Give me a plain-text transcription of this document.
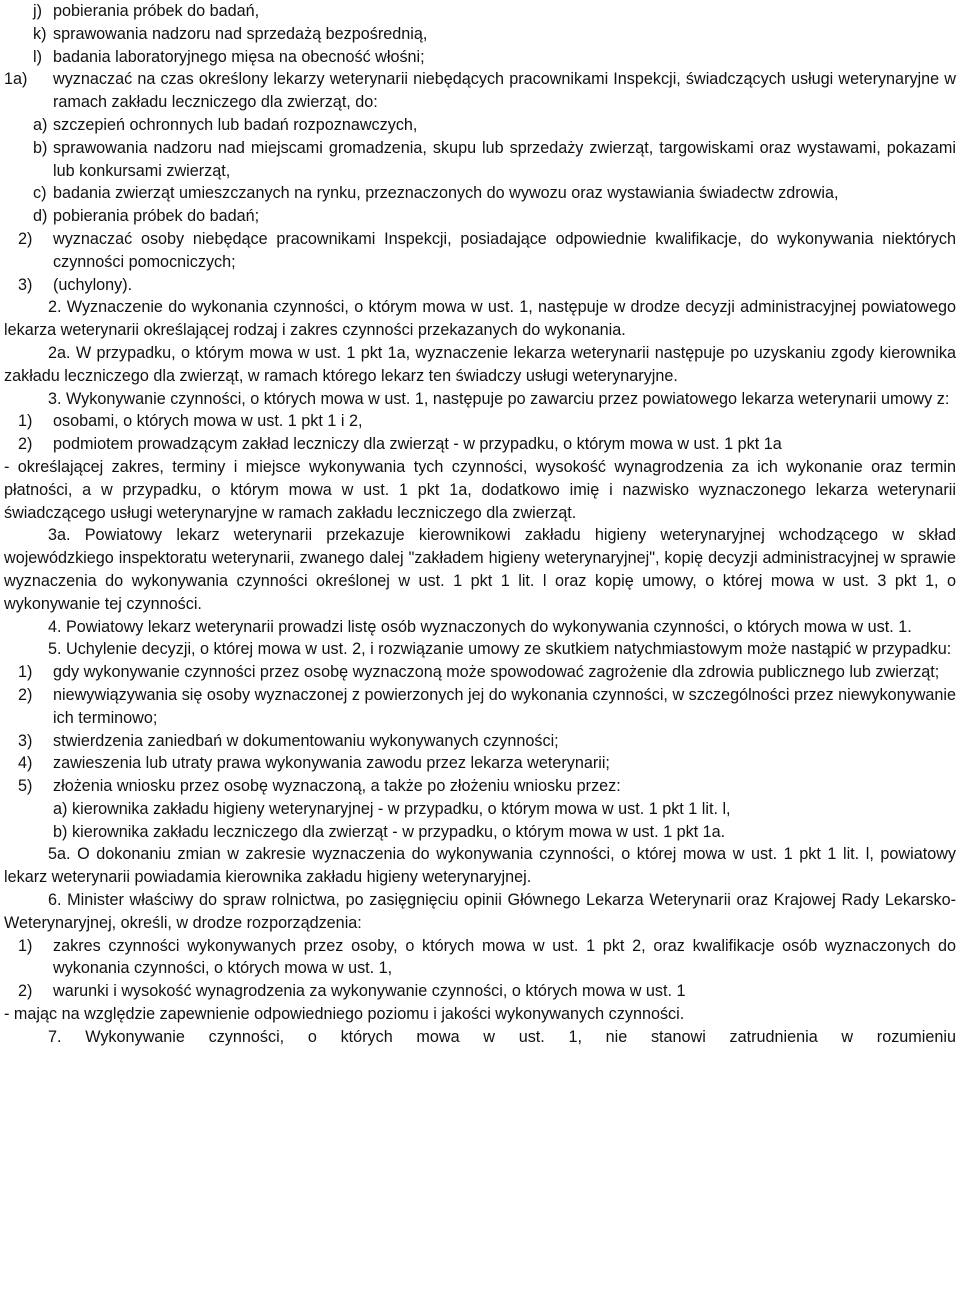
j) pobierania próbek do badań,
k) sprawowania nadzoru nad sprzedażą bezpośrednią,
l) badania laboratoryjnego mięsa na obecność włośni;
1a) wyznaczać na czas określony lekarzy weterynarii niebędących pracownikami Inspekcji, świadczących usługi weterynaryjne w ramach zakładu leczniczego dla zwierząt, do:
a) szczepień ochronnych lub badań rozpoznawczych,
b) sprawowania nadzoru nad miejscami gromadzenia, skupu lub sprzedaży zwierząt, targowiskami oraz wystawami, pokazami lub konkursami zwierząt,
c) badania zwierząt umieszczanych na rynku, przeznaczonych do wywozu oraz wystawiania świadectw zdrowia,
d) pobierania próbek do badań;
2) wyznaczać osoby niebędące pracownikami Inspekcji, posiadające odpowiednie kwalifikacje, do wykonywania niektórych czynności pomocniczych;
3) (uchylony).
2. Wyznaczenie do wykonania czynności, o którym mowa w ust. 1, następuje w drodze decyzji administracyjnej powiatowego lekarza weterynarii określającej rodzaj i zakres czynności przekazanych do wykonania.
2a. W przypadku, o którym mowa w ust. 1 pkt 1a, wyznaczenie lekarza weterynarii następuje po uzyskaniu zgody kierownika zakładu leczniczego dla zwierząt, w ramach którego lekarz ten świadczy usługi weterynaryjne.
3. Wykonywanie czynności, o których mowa w ust. 1, następuje po zawarciu przez powiatowego lekarza weterynarii umowy z:
1) osobami, o których mowa w ust. 1 pkt 1 i 2,
2) podmiotem prowadzącym zakład leczniczy dla zwierząt - w przypadku, o którym mowa w ust. 1 pkt 1a
- określającej zakres, terminy i miejsce wykonywania tych czynności, wysokość wynagrodzenia za ich wykonanie oraz termin płatności, a w przypadku, o którym mowa w ust. 1 pkt 1a, dodatkowo imię i nazwisko wyznaczonego lekarza weterynarii świadczącego usługi weterynaryjne w ramach zakładu leczniczego dla zwierząt.
3a. Powiatowy lekarz weterynarii przekazuje kierownikowi zakładu higieny weterynaryjnej wchodzącego w skład wojewódzkiego inspektoratu weterynarii, zwanego dalej "zakładem higieny weterynaryjnej", kopię decyzji administracyjnej w sprawie wyznaczenia do wykonywania czynności określonej w ust. 1 pkt 1 lit. l oraz kopię umowy, o której mowa w ust. 3 pkt 1, o wykonywanie tej czynności.
4. Powiatowy lekarz weterynarii prowadzi listę osób wyznaczonych do wykonywania czynności, o których mowa w ust. 1.
5. Uchylenie decyzji, o której mowa w ust. 2, i rozwiązanie umowy ze skutkiem natychmiastowym może nastąpić w przypadku:
1) gdy wykonywanie czynności przez osobę wyznaczoną może spowodować zagrożenie dla zdrowia publicznego lub zwierząt;
2) niewywiązywania się osoby wyznaczonej z powierzonych jej do wykonania czynności, w szczególności przez niewykonywanie ich terminowo;
3) stwierdzenia zaniedbań w dokumentowaniu wykonywanych czynności;
4) zawieszenia lub utraty prawa wykonywania zawodu przez lekarza weterynarii;
5) złożenia wniosku przez osobę wyznaczoną, a także po złożeniu wniosku przez:
a) kierownika zakładu higieny weterynaryjnej - w przypadku, o którym mowa w ust. 1 pkt 1 lit. l,
b) kierownika zakładu leczniczego dla zwierząt - w przypadku, o którym mowa w ust. 1 pkt 1a.
5a. O dokonaniu zmian w zakresie wyznaczenia do wykonywania czynności, o której mowa w ust. 1 pkt 1 lit. l, powiatowy lekarz weterynarii powiadamia kierownika zakładu higieny weterynaryjnej.
6. Minister właściwy do spraw rolnictwa, po zasięgnięciu opinii Głównego Lekarza Weterynarii oraz Krajowej Rady Lekarsko-Weterynaryjnej, określi, w drodze rozporządzenia:
1) zakres czynności wykonywanych przez osoby, o których mowa w ust. 1 pkt 2, oraz kwalifikacje osób wyznaczonych do wykonania czynności, o których mowa w ust. 1,
2) warunki i wysokość wynagrodzenia za wykonywanie czynności, o których mowa w ust. 1
- mając na względzie zapewnienie odpowiedniego poziomu i jakości wykonywanych czynności.
7. Wykonywanie czynności, o których mowa w ust. 1, nie stanowi zatrudnienia w rozumieniu
